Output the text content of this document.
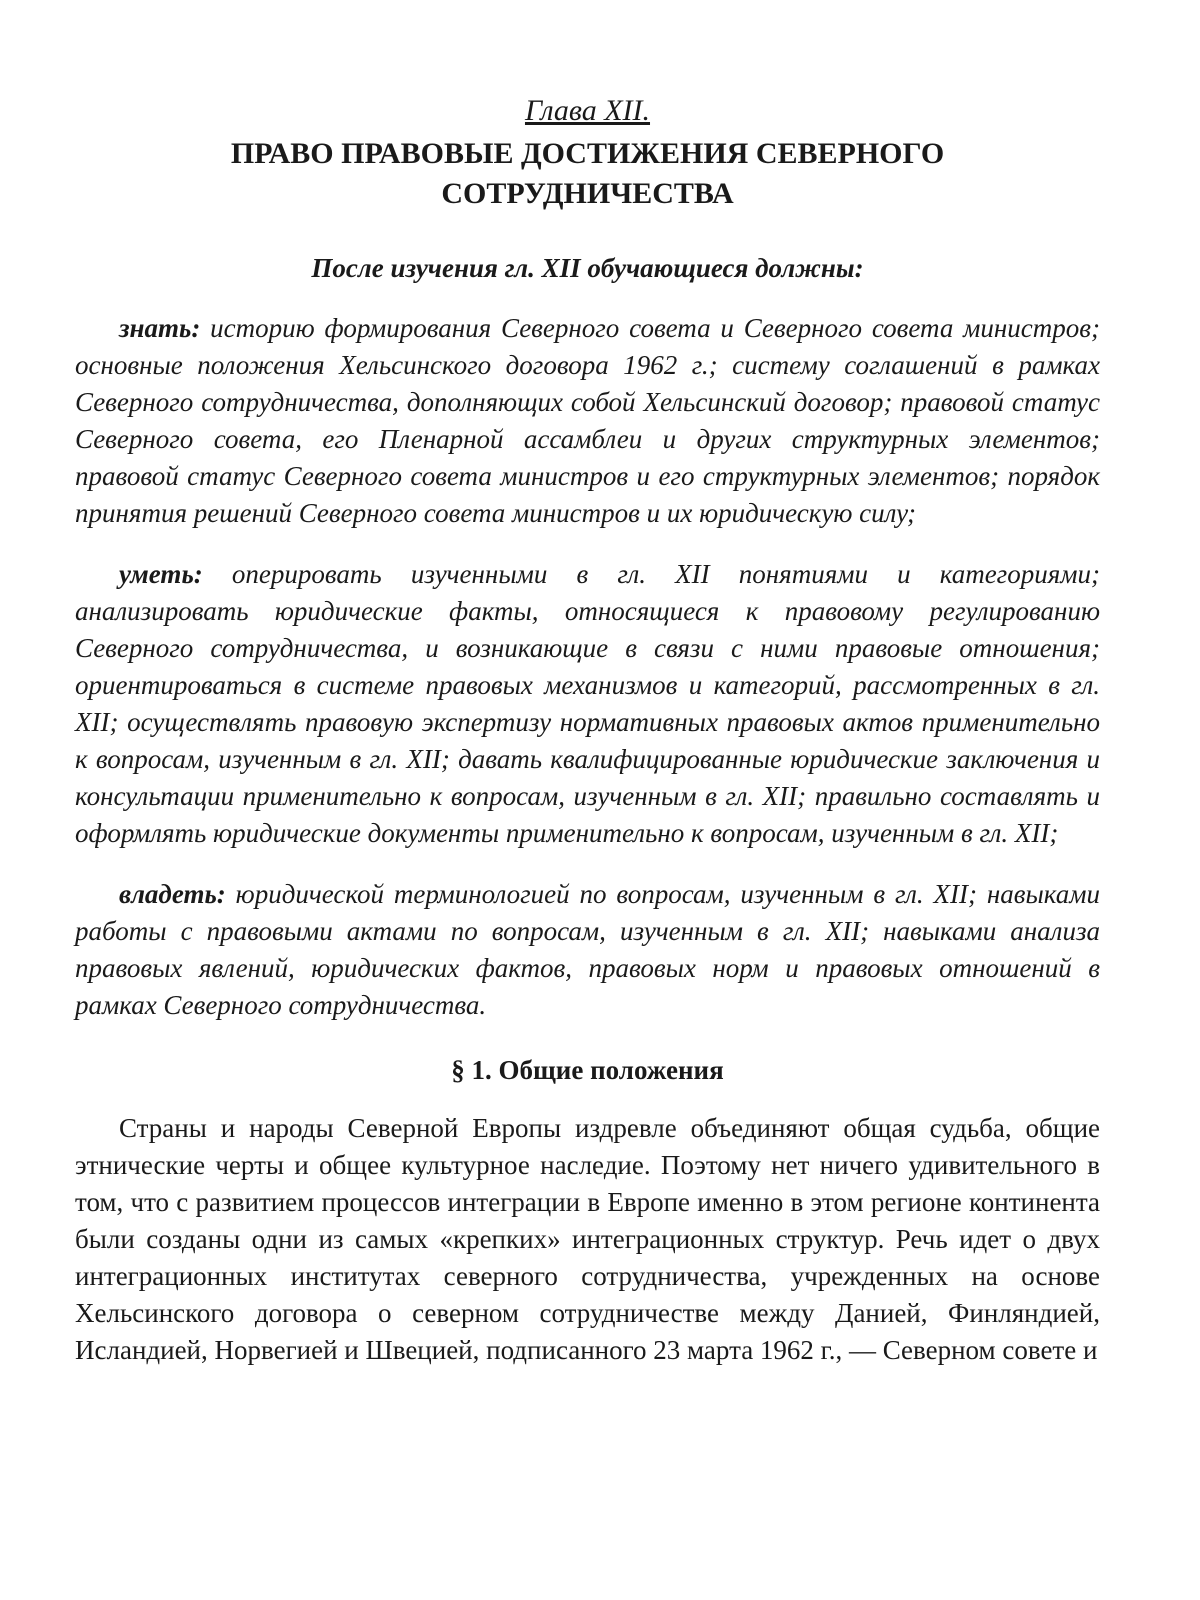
Глава XII.

ПРАВО ПРАВОВЫЕ ДОСТИЖЕНИЯ СЕВЕРНОГО
СОТРУДНИЧЕСТВА

После изучения гл. XII обучающиеся должны:

знать: историю формирования Северного совета и Северного совета министров; основные положения Хельсинского договора 1962 г.; систему соглашений в рамках Северного сотрудничества, дополняющих собой Хельсинский договор; правовой статус Северного совета, его Пленарной ассамблеи и других структурных элементов; правовой статус Северного совета министров и его структурных элементов; порядок принятия решений Северного совета министров и их юридическую силу;

уметь: оперировать изученными в гл. XII понятиями и категориями; анализировать юридические факты, относящиеся к правовому регулированию Северного сотрудничества, и возникающие в связи с ними правовые отношения; ориентироваться в системе правовых механизмов и категорий, рассмотренных в гл. XII; осуществлять правовую экспертизу нормативных правовых актов применительно к вопросам, изученным в гл. XII; давать квалифицированные юридические заключения и консультации применительно к вопросам, изученным в гл. XII; правильно составлять и оформлять юридические документы применительно к вопросам, изученным в гл. XII;

владеть: юридической терминологией по вопросам, изученным в гл. XII; навыками работы с правовыми актами по вопросам, изученным в гл. XII; навыками анализа правовых явлений, юридических фактов, правовых норм и правовых отношений в рамках Северного сотрудничества.

§ 1. Общие положения

Страны и народы Северной Европы издревле объединяют общая судьба, общие этнические черты и общее культурное наследие. Поэтому нет ничего удивительного в том, что с развитием процессов интеграции в Европе именно в этом регионе континента были созданы одни из самых «крепких» интеграционных структур. Речь идет о двух интеграционных институтах северного сотрудничества, учрежденных на основе Хельсинского договора о северном сотрудничестве между Данией, Финляндией, Исландией, Норвегией и Швецией, подписанного 23 марта 1962 г., — Северном совете и
